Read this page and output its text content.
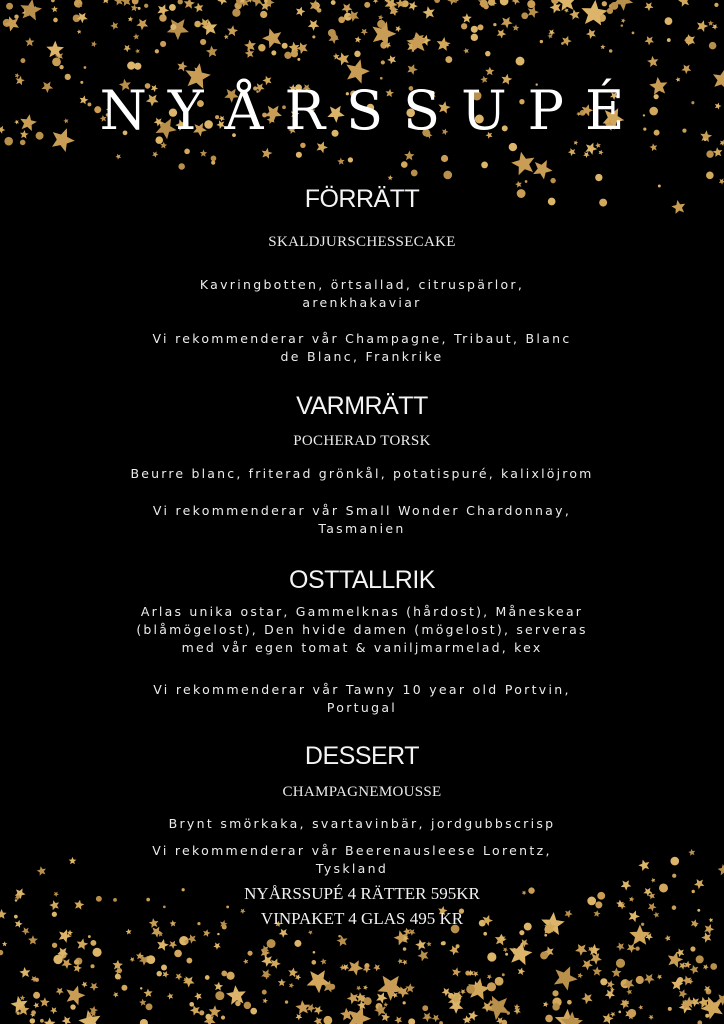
NYÅRSSUPÉ
FÖRRÄTT
SKALDJURSCHESSECAKE
Kavringbotten, örtsallad, citruspärlor, arenkhakaviar
Vi rekommenderar vår Champagne, Tribaut, Blanc de Blanc, Frankrike
VARMRÄTT
POCHERAD TORSK
Beurre blanc, friterad grönkål, potatispuré, kalixlöjrom
Vi rekommenderar vår Small Wonder Chardonnay, Tasmanien
OSTTALLRIK
Arlas unika ostar, Gammelknas (hårdost), Måneskear (blåmögelost), Den hvide damen (mögelost), serveras med vår egen tomat & vaniljmarmelad, kex
Vi rekommenderar vår Tawny 10 year old Portvin, Portugal
DESSERT
CHAMPAGNEMOUSSE
Brynt smörkaka, svartavinbär, jordgubbscrisp
Vi rekommenderar vår Beerenausleese Lorentz, Tyskland
NYÅRSSUPÉ 4 RÄTTER 595KR
VINPAKET 4 GLAS 495 KR
